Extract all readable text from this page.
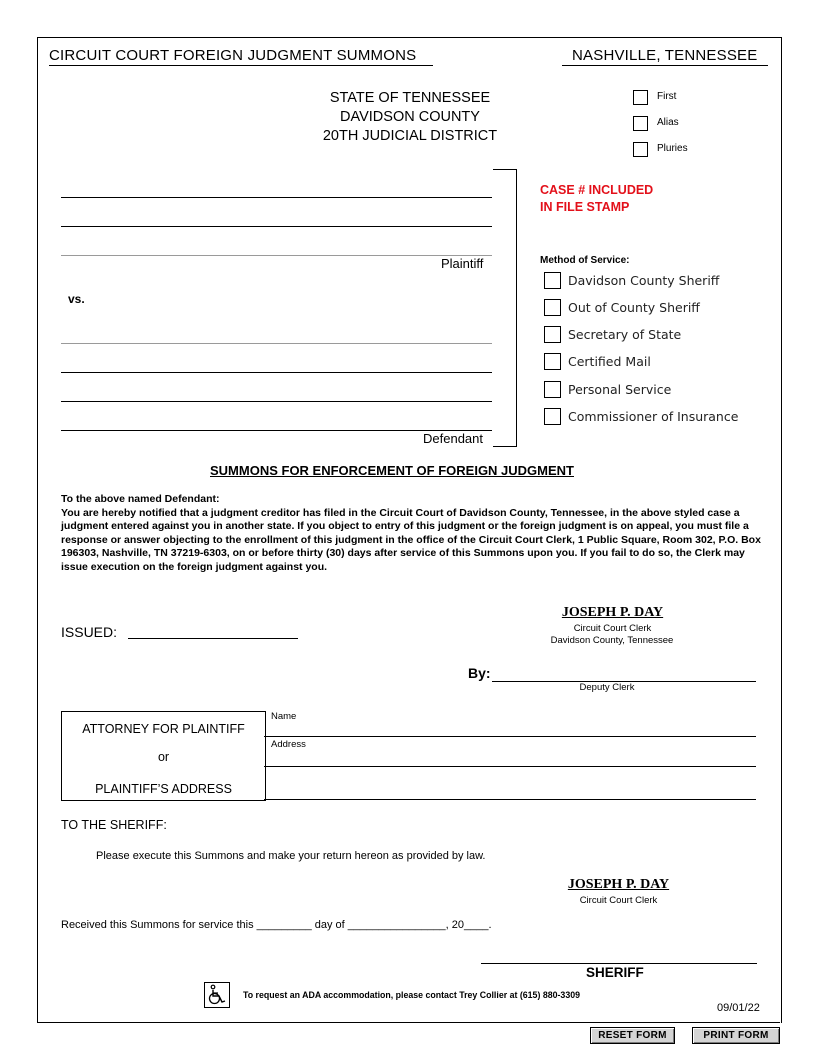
CIRCUIT COURT FOREIGN JUDGMENT SUMMONS	NASHVILLE, TENNESSEE
STATE OF TENNESSEE
DAVIDSON COUNTY
20TH JUDICIAL DISTRICT
First
Alias
Pluries
Plaintiff
vs.
Defendant
CASE # INCLUDED
IN FILE STAMP
Method of Service:
Davidson County Sheriff
Out of County Sheriff
Secretary of State
Certified Mail
Personal Service
Commissioner of Insurance
SUMMONS FOR ENFORCEMENT OF FOREIGN JUDGMENT
To the above named Defendant:
You are hereby notified that a judgment creditor has filed in the Circuit Court of Davidson County, Tennessee, in the above styled case a judgment entered against you in another state. If you object to entry of this judgment or the foreign judgment is on appeal, you must file a response or answer objecting to the enrollment of this judgment in the office of the Circuit Court Clerk, 1 Public Square, Room 302, P.O. Box 196303, Nashville, TN 37219-6303, on or before thirty (30) days after service of this Summons upon you. If you fail to do so, the Clerk may issue execution on the foreign judgment against you.
ISSUED:
JOSEPH P. DAY
Circuit Court Clerk
Davidson County, Tennessee
By:
Deputy Clerk
ATTORNEY FOR PLAINTIFF
or
PLAINTIFF’S ADDRESS
Name
Address
TO THE SHERIFF:
Please execute this Summons and make your return hereon as provided by law.
JOSEPH P. DAY
Circuit Court Clerk
Received this Summons for service this _________ day of ________________, 20____.
SHERIFF
To request an ADA accommodation, please contact Trey Collier at (615) 880-3309
09/01/22
RESET FORM	PRINT FORM
